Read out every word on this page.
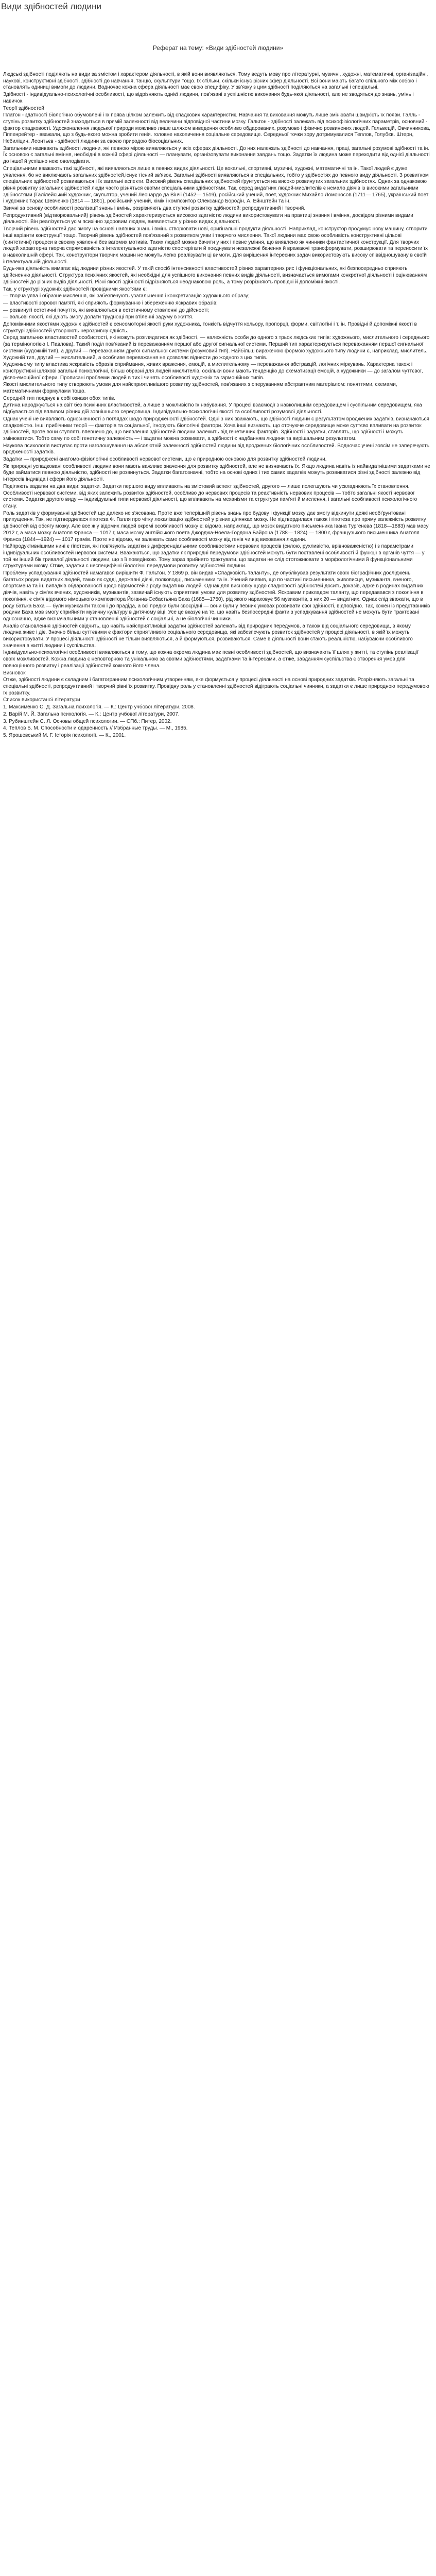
Види здібностей людини
Реферат на тему: «Види здібностей людини»

Людські здібності поділяють на види за змістом і характером діяльності, в якій вони виявляються. Тому ведуть мову про літературні, музичні, художні, математичні, організаційні, наукові, конструктивні здібності, здібності до навчання, танцю, скульптури тощо. Іх стільки, скільки існує різних сфер діяльності. Всі вони мають багато спільного між собою і становлять одиниці вимоги до людини. Водночас кожна сфера діяльності має свою специфіку. У зв'язку з цим здібності поділяються на загальні і спеціальні.

Здібності - індивідуально-психологічні особливості, що відрізняють однієї людини, пов'язані з успішністю виконання будь-якої діяльності, але не зводяться до знань, умінь і навичок.

Теорії здібностей

Платон - здатності біологічно обумовлені і їх поява цілком залежить від спадкових характеристик. Навчання та виховання можуть лише змінювати швидкість їх появи. Галль - ступінь розвитку здібностей знаходиться в прямій залежності від величини відповідної частини мозку. Гальтон - здібності залежать від психофізіологічних параметрів, основний - фактор спадковості. Удосконалення людської природи можливо лише шляхом виведення особливо обдарованих, розумово і фізично розвинених людей. Гельвецій, Овчинникова, Гіппенрейтер - вважали, що з будь-якого можна зробити генія. головне накопичення соціальне середовище. Середньої точки зору дотримувалися Теплов, Голубєв. Штерн, Небиліцин. Леонтьєв - здібності людини за своєю природою біосоціальних.

Загальними називають здібності людини, які певною мірою виявляються у всіх сферах діяльності. До них належать здібності до навчання, праці, загальні розумові здібності та ін. Їх основою є загальні вміння, необхідні в кожній сфері діяльності — планувати, організовувати виконання завдань тощо. Задатки їх людина може переходити від однієї діяльності до іншої й успішно нею оволодівати.

Спеціальними вважають такі здібності, які виявляються лише в певних видах діяльності. Це вокальні, спортивні, музичні, художні, математичні та ін. Такої людей є дуже уявлення, бо не виключають загальних здібностей,існує тісний зв'язок. Загальні здібності виявляються в спеціальних, тобто у здібностях до певного виду діяльності. З розвитком спеціальних здібностей розвиваються і їх загальні аспекти. Високий рівень спеціальних здібностей ґрунтується на високо розвинутих загальних здібностях. Однак за однаковою рівня розвитку загальних здібностей люди часто різняться своїми спеціальними здібностями. Так, серед видатних людей-мислителів є немало діячів із високими загальними здібностями (Галілейський художник, скульптор, учений Леонардо да Вінчі (1452— 1519), російський учений, поет, художник Михайло Ломоносов (1711— 1765), український поет і художник Тарас Шевченко (1814 — 1861), російський учений, хімік і композитор Олександр Бородін, А. Ейнштейн та ін.

Звичні за основу особливості реалізації знань і вмінь, розрізняють два ступені розвитку здібностей: репродуктивний і творчий.

Репродуктивний (відтворювальний) рівень здібностей характеризується високою здатністю людини використовувати на практиці знання і вміння, досвідом різними видами діяльності. Він реалізується усім психічно здоровим людям, виявляється у різних видах діяльності.

Творчий рівень здібностей дає змогу на основі наявних знань і вмінь створювати нові, оригінальні продукти діяльності. Наприклад, конструктор продумує нову машину, створити інші варіанти конструкції тощо. Творчий рівень здібностей пов'язаний з розвитком уяви і творчого мислення. Такої людини має свою особливість конструктивні цільові (синтетичні) процеси в своєму уявленні без вагомих мотивів. Таких людей можна бачити у них і певне уміння, що виявлено як чинники фантастичної конструкції. Для творчих людей характерна творча спрямованість з інтелектуальною здатністю спостерігати й поєднувати незалежні бачення й вражаючі трансформувати, розширювати та переносити їх в навколишній сфері. Так, конструктори творчих машин не можуть легко реалізувати ці вимоги. Для вирішення інтересних задач використовують високу співвідношувану в своїй інтелектуальній діяльності.

Будь-яка діяльність вимагає від людини різних якостей. У такій спосіб інтенсивності властивостей різних характерних рис і функціональних, які безпосередньо сприяють здійсненню діяльності. Структура психічних якостей, які необхідні для успішного виконання певних видів діяльності, визначається вимогами конкретної діяльності і оцінюванням здібностей до різних видів діяльності. Різні якості здібності відрізняються неоднаковою роль, а тому розрізняють провідні й допоміжні якості.

Так, у структурі художніх здібностей провідними якостями є:

— творча уява і образне мислення, які забезпечують узагальнення і конкретизацію художнього образу;

— властивості зорової пам'яті, які сприяють формуванню і збереженню яскравих образів;

— розвинуті естетичні почуття, які виявляються в естетичному ставленні до дійсності;

— вольові якості, які дають змогу долати труднощі при втіленні задуму в життя.

Допоміжними якостями художніх здібностей є сенсомоторні якості руки художника, тонкість відчуття кольору, пропорції, форми, світлотіні і т. ін. Провідні й допоміжні якості в структурі здібностей утворюють нерозривну єдність.

Серед загальних властивостей особистості, які можуть розглядатися як здібності, — належність особи до одного з трьох людських типів: художнього, мислительного і середнього (за термінологією І. Павлова). Такий поділ пов'язаний із переважанням першої або другої сигнальної системи. Перший тип характеризується переважанням першої сигнальної системи (художній тип), а другий — переважанням другої сигнальної системи (розумовий тип). Найбільш вираженою формою художнього типу людини є, наприклад, мислитель. Художній тип, другий — мислительний, а особливе переважання не дозволяє віднести до жодного з цих типів.

Художньому типу властива яскравість образів сприймання, живих враження, емоцій, а мислительному — переважання абстракцій, логічних міркувань. Характерна також і конструктивні шляхові загальні психологічні, більш образні для людей мислителів, оскільки вони мають тенденцію до схематизації емоцій, а художники — до загалом чуттєвої, дієво-емоційної сфери. Прописані проблеми людей в тих і чинять особливості художніх та гармонійних типів.

Якості мислительного типу створюють умови для найсприятливішого розвитку здібностей, пов'язаних з оперуванням абстрактним матеріалом: поняттями, схемами, математичними формулами тощо.

Середній тип поєднує в собі ознаки обох типів.

Дитина народжується на світ без психічних властивостей, а лише з можливістю їх набування. У процесі взаємодії з навколишнім середовищем і суспільним середовищем, яка відбувається під впливом різних дій зовнішнього середовища. Індивідуально-психологічні якості та особливості розумової діяльності.

Однак учені не виявляють однозначності з поглядах щодо природженості здібностей. Одні з них вважають, що здібності людини є результатом вроджених задатків, визначаються спадковістю. Інші прибічники теорії — факторів та соціальної, ігнорують біологічні фактори. Хоча інші визнають, що оточуюче середовище може суттєво впливати на розвиток здібностей, проте вони ступлять впевнено до, що виявлення здібностей людини залежить від генетичних факторів. Здібності і задатки, ставлять, що здібності і можуть змінюватися. Тобто саму по собі генетичну залежність — і задатки можна розвивати, а здібності є надбанням людини та вирішальним результатом.

Наукова психологія виступає проти наголошування на абсолютній залежності здібностей людини від вроджених біологічних особливостей. Водночас учені зовсім не заперечують вродженості задатків.

Задатки — природжені анатомо-фізіологічні особливості нервової системи, що є природною основою для розвитку здібностей людини.

Як природні успадковані особливості людини вони мають важливе значення для розвитку здібностей, але не визначають їх. Якщо людина навіть із найвидатнішими задатками не буде займатися певною діяльністю, здібності не розвинуться. Задатки багатозначні, тобто на основі одних і тих самих задатків можуть розвиватися різні здібності залежно від інтересів індивіда і сфери його діяльності.

Поділяють задатки на два види: задатки. Задатки першого виду впливають на змістовий аспект здібностей, другого — лише полегшують чи ускладнюють їх становлення. Особливості нервової системи, від яких залежить розвиток здібностей, особливо до нервових процесів та реактивність нервових процесів — тобто загальні якості нервової системи. Задатки другого виду — індивідуальні типи нервової діяльності, що впливають на механізми та структури пам'яті й мислення, і загальні особливості психологічного стану.

Роль задатків у формуванні здібностей ще далеко не з'ясована. Проте вже теперішній рівень знань про будову і функції мозку дає змогу відкинути деякі необґрунтовані припущення. Так, не підтвердилася гіпотеза Ф. Галля про чітку локалізацію здібностей у різних ділянках мозку. Не підтвердилася також і гіпотеза про пряму залежність розвитку здібностей від обсягу мозку. Але все ж у відомих людей окремі особливості мозку є: відомо, наприклад, що мозок видатного письменника Івана Тургенєва (1818—1883) мав масу 2012 г, а маса мозку Анатоля Франса — 1017 г, маса мозку англійського поета Джорджа-Ноела-Гордона Байрона (1788— 1824) — 1800 г, французького письменника Анатоля Франса (1844—1924) — 1017 грамів. Проте не відомо, чи залежать саме особливості мозку від генів чи від виховання людини.

Найпродуктивнішими нині є гіпотези, які пов'язують задатки з диференціальними особливостями нервових процесів (силою, рухливістю, врівноваженістю) і з параметрами індивідуальних особливостей нервової системи. Вважаються, що задатки як природні передумови здібностей можуть бути поставлені особливості й функції в органів чуття — у той чи інший бік тривалої діяльності людини, що з її поведінкою. Тому зараз прийнято трактувати, що задатки не слід ототожнювати з морфологічними й функціональними структурами мозку. Отже, задатки є неспецифічні біологічні передумови розвитку здібностей людини.

Проблему успадкування здібностей намагався вирішити Ф. Гальтон. У 1869 р. він видав «Спадковість таланту», де опублікував результати своїх біографічних досліджень багатьох родин видатних людей, таких як судді, державні діячі, полководці, письменники та ін. Учений виявив, що по частині письменника, живописця, музиканта, вченого, спортсмена та ін. випадків обдарованості щодо відомостей з роду видатних людей. Однак для висновку щодо спадковості здібностей досить доказів, адже в родинах видатних діячів, навіть у сім'ях вчених, художників, музикантів, зазвичай існують сприятливі умови для розвитку здібностей. Яскравим прикладом таланту, що передавався з покоління в покоління, є сім'я відомого німецького композитора Йоганна-Себастьяна Баха (1685—1750), рід якого нараховує 56 музикантів, з них 20 — видатних. Однак слід зважати, що в роду батька Баха — були музиканти також і до прадіда, а всі предки були своєрідні — вони були у певних умовах розвивати свої здібності, відповідно. Так, кожен із представників родини Баха мав змогу сприйняти музичну культуру в дитячому віці. Усе це вказує на те, що навіть безпосередні факти з успадкування здібностей не можуть бути трактовані однозначно, адже визначальними у становленні здібностей є соціальні, а не біологічні чинники.

Аналіз становлення здібностей свідчить, що навіть найсприятливіші задатки здібностей залежать від природних передумов, а також від соціального середовища, в якому людина живе і діє. Значно більш суттєвими є фактори сприятливого соціального середовища, які забезпечують розвиток здібностей у процесі діяльності, в якій їх можуть використовувати. У процесі діяльності здібності не тільки виявляються, а й формуються, розвиваються. Саме в діяльності вони стають реальністю, набуваючи особливого значення в житті людини і суспільства.

Індивідуально-психологічні особливості виявляються в тому, що кожна окрема людина має певні особливості здібностей, що визначають її шлях у житті, та ступінь реалізації своїх можливостей. Кожна людина є неповторною та унікальною за своїми здібностями, задатками та інтересами, а отже, завданням суспільства є створення умов для повноцінного розвитку і реалізації здібностей кожного його члена.

Висновок

Отже, здібності людини є складним і багатогранним психологічним утворенням, яке формується у процесі діяльності на основі природних задатків. Розрізняють загальні та спеціальні здібності, репродуктивний і творчий рівні їх розвитку. Провідну роль у становленні здібностей відіграють соціальні чинники, а задатки є лише природною передумовою їх розвитку.

Список використаної літератури

1. Максименко С. Д. Загальна психологія. — К.: Центр учбової літератури, 2008.

2. Варій М. Й. Загальна психологія. — К.: Центр учбової літератури, 2007.

3. Рубинштейн С. Л. Основы общей психологии. — СПб.: Питер, 2002.

4. Теплов Б. М. Способности и одаренность // Избранные труды. — М., 1985.

5. Ярошевський М. Г. Історія психології. — К., 2001.
